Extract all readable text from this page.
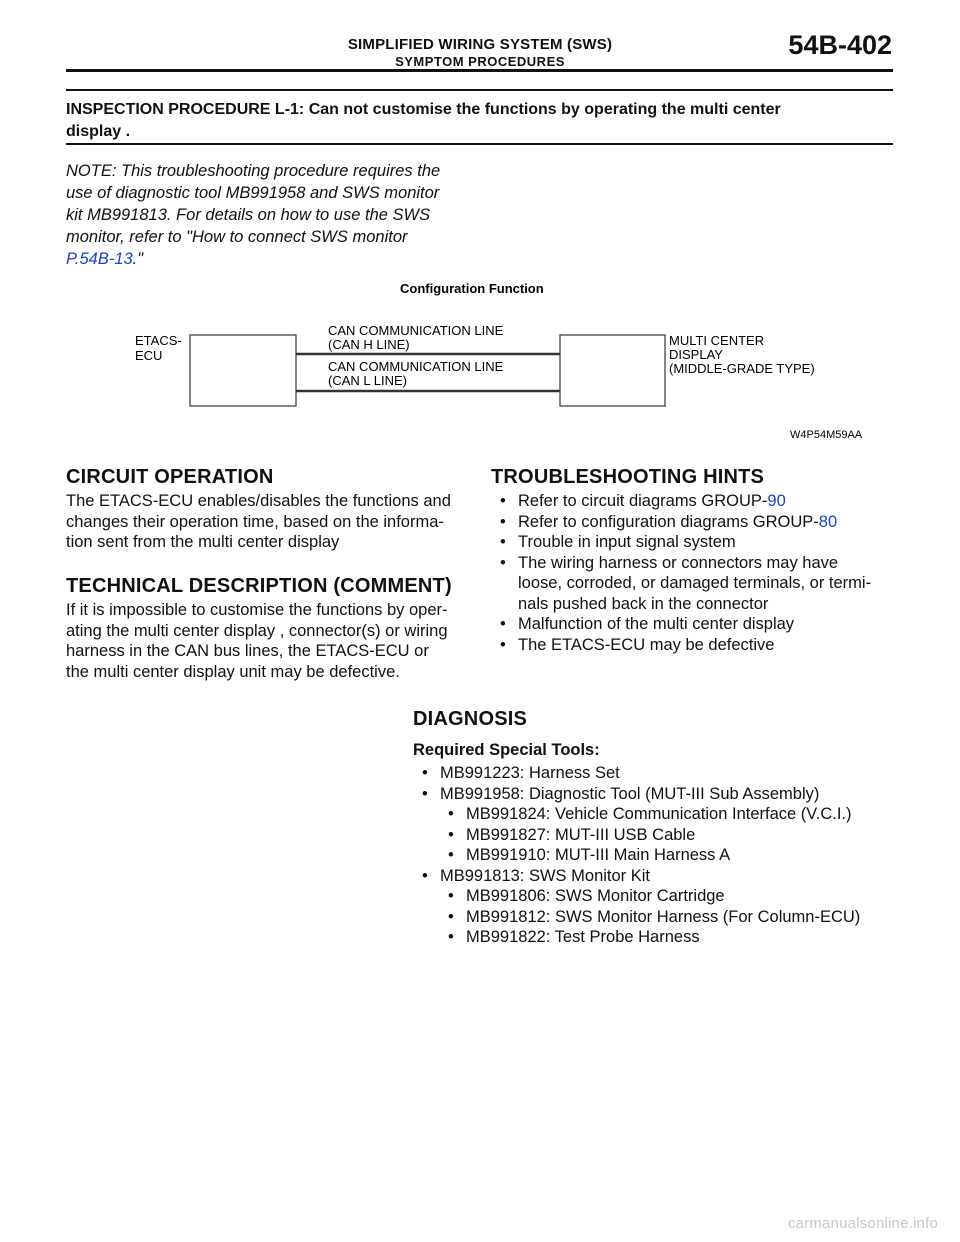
SIMPLIFIED WIRING SYSTEM (SWS)
SYMPTOM PROCEDURES
54B-402
INSPECTION PROCEDURE L-1: Can not customise the functions by operating the multi center
display .
NOTE: This troubleshooting procedure requires the
use of diagnostic tool MB991958 and SWS monitor
kit MB991813. For details on how to use the SWS
monitor, refer to "How to connect SWS monitor
P.54B-13."
Configuration Function
ETACS-
ECU
CAN COMMUNICATION LINE
(CAN H LINE)
CAN COMMUNICATION LINE
(CAN L LINE)
MULTI CENTER
DISPLAY
(MIDDLE-GRADE TYPE)
W4P54M59AA
CIRCUIT OPERATION
The ETACS-ECU enables/disables the functions and
changes their operation time, based on the informa-
tion sent from the multi center display
TECHNICAL DESCRIPTION (COMMENT)
If it is impossible to customise the functions by oper-
ating the multi center display , connector(s) or wiring
harness in the CAN bus lines, the ETACS-ECU or
the multi center display unit may be defective.
TROUBLESHOOTING HINTS
• Refer to circuit diagrams GROUP-90
• Refer to configuration diagrams GROUP-80
• Trouble in input signal system
• The wiring harness or connectors may have
loose, corroded, or damaged terminals, or termi-
nals pushed back in the connector
• Malfunction of the multi center display
• The ETACS-ECU may be defective
DIAGNOSIS
Required Special Tools:
• MB991223: Harness Set
• MB991958: Diagnostic Tool (MUT-III Sub Assembly)
• MB991824: Vehicle Communication Interface (V.C.I.)
• MB991827: MUT-III USB Cable
• MB991910: MUT-III Main Harness A
• MB991813: SWS Monitor Kit
• MB991806: SWS Monitor Cartridge
• MB991812: SWS Monitor Harness (For Column-ECU)
• MB991822: Test Probe Harness
carmanualsonline.info
